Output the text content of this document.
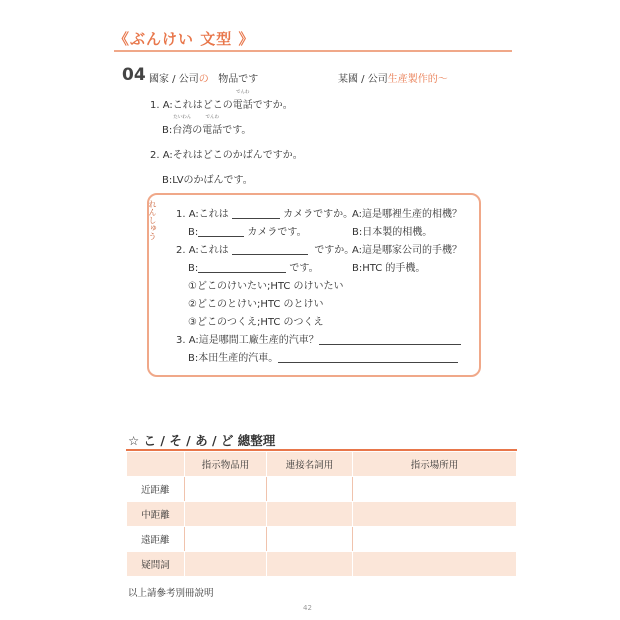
《ぶんけい 文型 》
04 國家 / 公司の 物品です	某國 / 公司生產製作的〜
1. A:これはどこの
でんわ
電話ですか。
B:
たいわん
台湾の
でんわ
電話です。
2. A:それはどこのかばんですか。
B:LVのかばんです。
れんしゅう 1. A:これは	カメラですか。
A:這是哪裡生產的相機？
B:	カメラです。	B:日本製的相機。
2. A:これは	ですか。
A:這是哪家公司的手機？
B:	です。	B:HTC 的手機。
①どこのけいたい;HTC のけいたい
②どこのとけい;HTC のとけい
③どこのつくえ;HTC のつくえ
3. A:這是哪間工廠生產的汽車？
B:本田生產的汽車。
☆ こ / そ / あ / ど 總整理
	指示物品用	連接名詞用	指示場所用
近距離			
中距離			
遠距離			
疑問詞			
以上請參考別冊說明
42
